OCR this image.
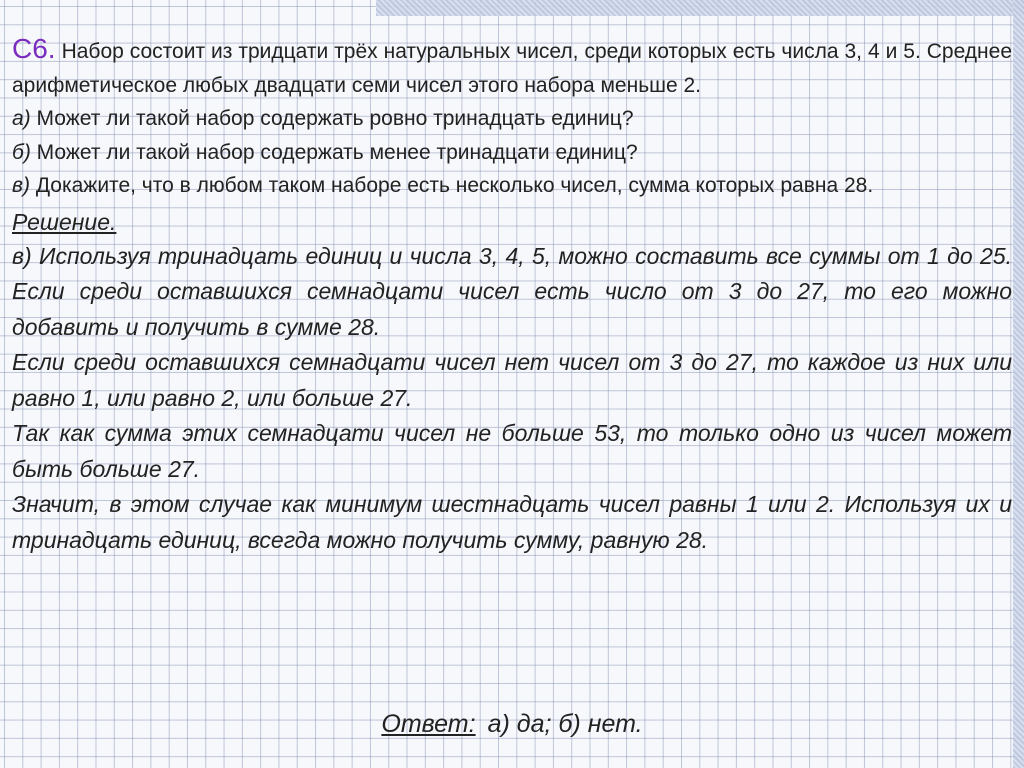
С6. Набор состоит из тридцати трёх натуральных чисел, среди которых есть числа 3, 4 и 5. Среднее арифметическое любых двадцати семи чисел этого набора меньше 2.

а) Может ли такой набор содержать ровно тринадцать единиц?

б) Может ли такой набор содержать менее тринадцати единиц?

в) Докажите, что в любом таком наборе есть несколько чисел, сумма которых равна 28.

Решение.

в) Используя тринадцать единиц и числа 3, 4, 5, можно составить все суммы от 1 до 25. Если среди оставшихся семнадцати чисел есть число от 3 до 27, то его можно добавить и получить в сумме 28.

Если среди оставшихся семнадцати чисел нет чисел от 3 до 27, то каждое из них или равно 1, или равно 2, или больше 27.

Так как сумма этих семнадцати чисел не больше 53, то только одно из чисел может быть больше 27.

Значит, в этом случае как минимум шестнадцать чисел равны 1 или 2. Используя их и тринадцать единиц, всегда можно получить сумму, равную 28.

Ответ: а) да; б) нет.
